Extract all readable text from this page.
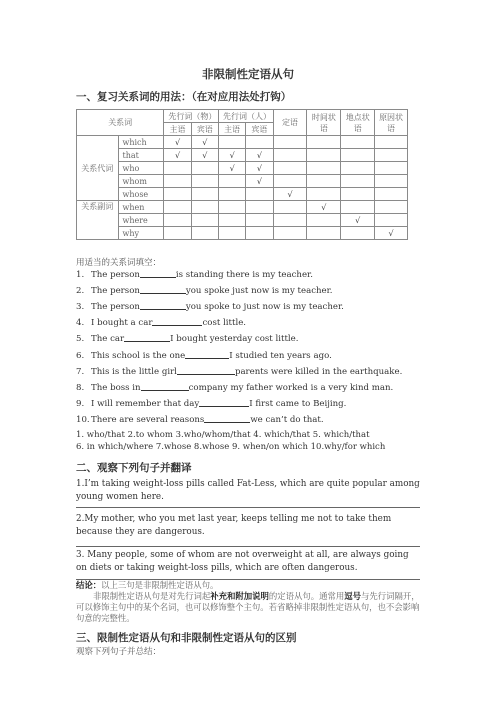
非限制性定语从句
一、复习关系词的用法：（在对应用法处打钩）
关系词		先行词（物）		先行词（人）		定语	时间状语	地点状语	原因状语
		主语	宾语	主语	宾语				
关系代词	which	√	√						
	that	√	√	√	√				
	who			√	√				
	whom				√				
	whose					√			
关系副词	when						√		
	where							√	
	why								√
用适当的关系词填空：
1. The person	is standing there is my teacher.
2. The person	you spoke just now is my teacher.
3. The person	you spoke to just now is my teacher.
4. I bought a car	cost little.
5. The car	I bought yesterday cost little.
6. This school is the one	I studied ten years ago.
7. This is the little girl	parents were killed in the earthquake.
8. The boss in	company my father worked is a very kind man.
9. I will remember that day	I first came to Beijing.
10.There are several reasons	we can’t do that.
1. who/that 2.to whom 3.who/whom/that 4. which/that 5. which/that
6. in which/where 7.whose 8.whose 9. when/on which 10.why/for which
二、观察下列句子并翻译
1.I’m taking weight-loss pills called Fat-Less, which are quite popular among young women here.
2.My mother, who you met last year, keeps telling me not to take them because they are dangerous.
3. Many people, some of whom are not overweight at all, are always going on diets or taking weight-loss pills, which are often dangerous.
结论：以上三句是非限制性定语从句。
非限制性定语从句是对先行词起补充和附加说明的定语从句。通常用逗号与先行词隔开，可以修饰主句中的某个名词，也可以修饰整个主句。若省略掉非限制性定语从句，也不会影响句意的完整性。
三、限制性定语从句和非限制性定语从句的区别
观察下列句子并总结：
